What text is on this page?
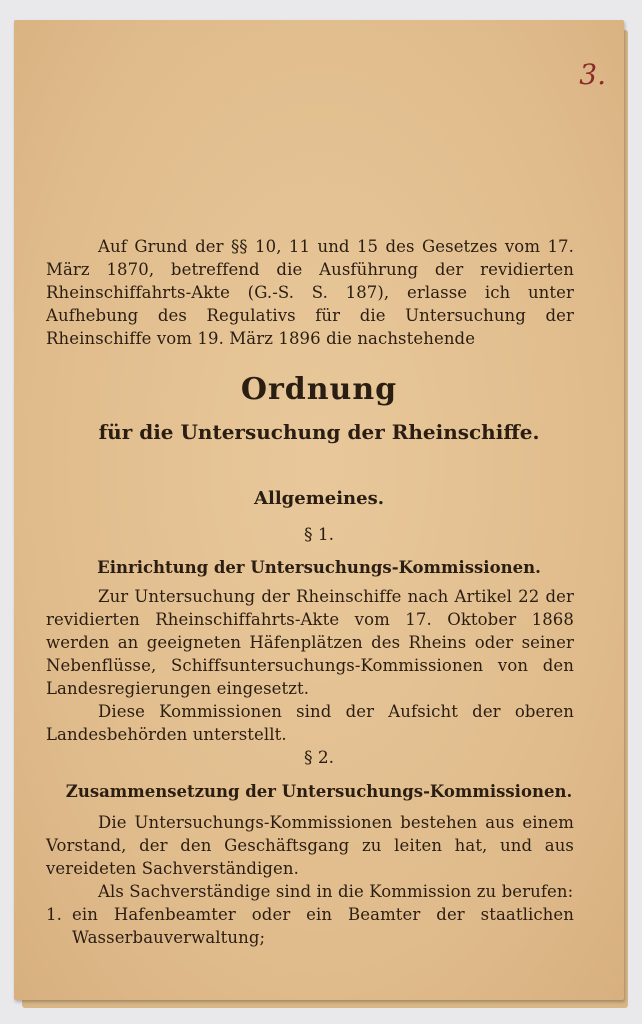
3.

Auf Grund der §§ 10, 11 und 15 des Gesetzes vom 17. März 1870, betreffend die Ausführung der revidierten Rheinschiffahrts-Akte (G.-S. S. 187), erlasse ich unter Aufhebung des Regulativs für die Untersuchung der Rheinschiffe vom 19. März 1896 die nachstehende

Ordnung
für die Untersuchung der Rheinschiffe.
Allgemeines.
§ 1.
Einrichtung der Untersuchungs-Kommissionen.

Zur Untersuchung der Rheinschiffe nach Artikel 22 der revidierten Rheinschiffahrts-Akte vom 17. Oktober 1868 werden an geeigneten Häfenplätzen des Rheins oder seiner Nebenflüsse, Schiffsuntersuchungs-Kommissionen von den Landesregierungen eingesetzt.

Diese Kommissionen sind der Aufsicht der oberen Landesbehörden unterstellt.

§ 2.
Zusammensetzung der Untersuchungs-Kommissionen.

Die Untersuchungs-Kommissionen bestehen aus einem Vorstand, der den Geschäftsgang zu leiten hat, und aus vereideten Sachverständigen.

Als Sachverständige sind in die Kommission zu berufen:

1. ein Hafenbeamter oder ein Beamter der staatlichen Wasserbauverwaltung;
